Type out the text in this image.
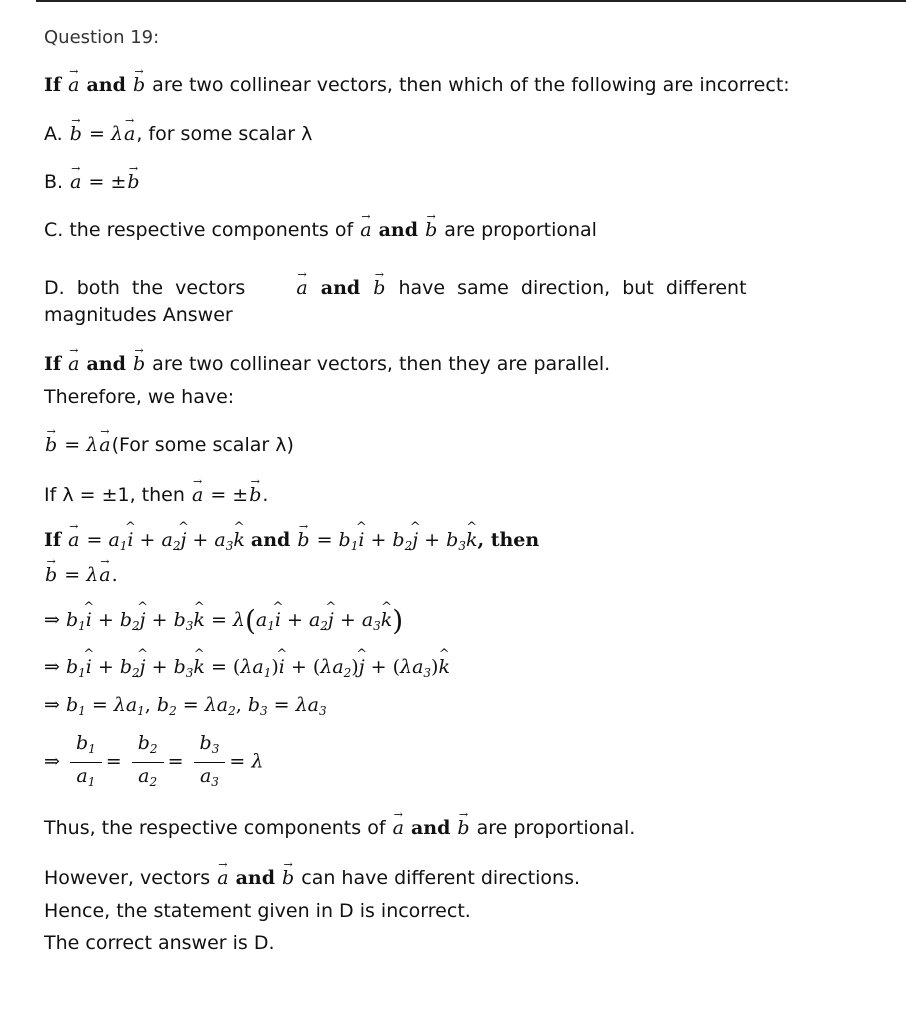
Question 19:
If → a and → b are two collinear vectors, then which of the following are incorrect:
A. → b = λ→ a, for some scalar λ
B. → a = ±→ b
C. the respective components of → a and → b are proportional
D. both the vectors	→ a and → b have same direction, but different
magnitudes Answer
If → a and → b are two collinear vectors, then they are parallel.
Therefore, we have:
→ b = λ→ a(For some scalar λ)
If λ = ±1, then → a = ±→ b.
$If \to a = a_1\^{}$ $i + a_2\^{}$ $j + a_3\^{}$ k and → $b = b_1\^{}$ $i + b_2\^{}$ $j + b_3\^{}$ k, then
→ b = λ→ a.
⇒ $b_1\^{}$ $i + b_2\^{}$ $j + b_3\^{}$ $k = \lambda(a_1\^{}$ $i + a_2\^{}$ $j + a_3\^{}$ k)
⇒ $b_1\^{}$ $i + b_2\^{}$ $j + b_3\^{}$ $k = (\lambda a_1)\^{}$ $i + (\lambda a_2)\^{}$ $j + (\lambda a_3)\^{}$ k
⇒ $b_1 = \lambda a_1$, $b_2 = \lambda a_2$, $b_3 = \lambda a_3$
⇒ $\frac{b_1}{a_1} = \frac{b_2}{a_2} = \frac{b_3}{a_3} = \lambda$
Thus, the respective components of → a and → b are proportional.
However, vectors → a and → b can have different directions.
Hence, the statement given in D is incorrect.
The correct answer is D.
